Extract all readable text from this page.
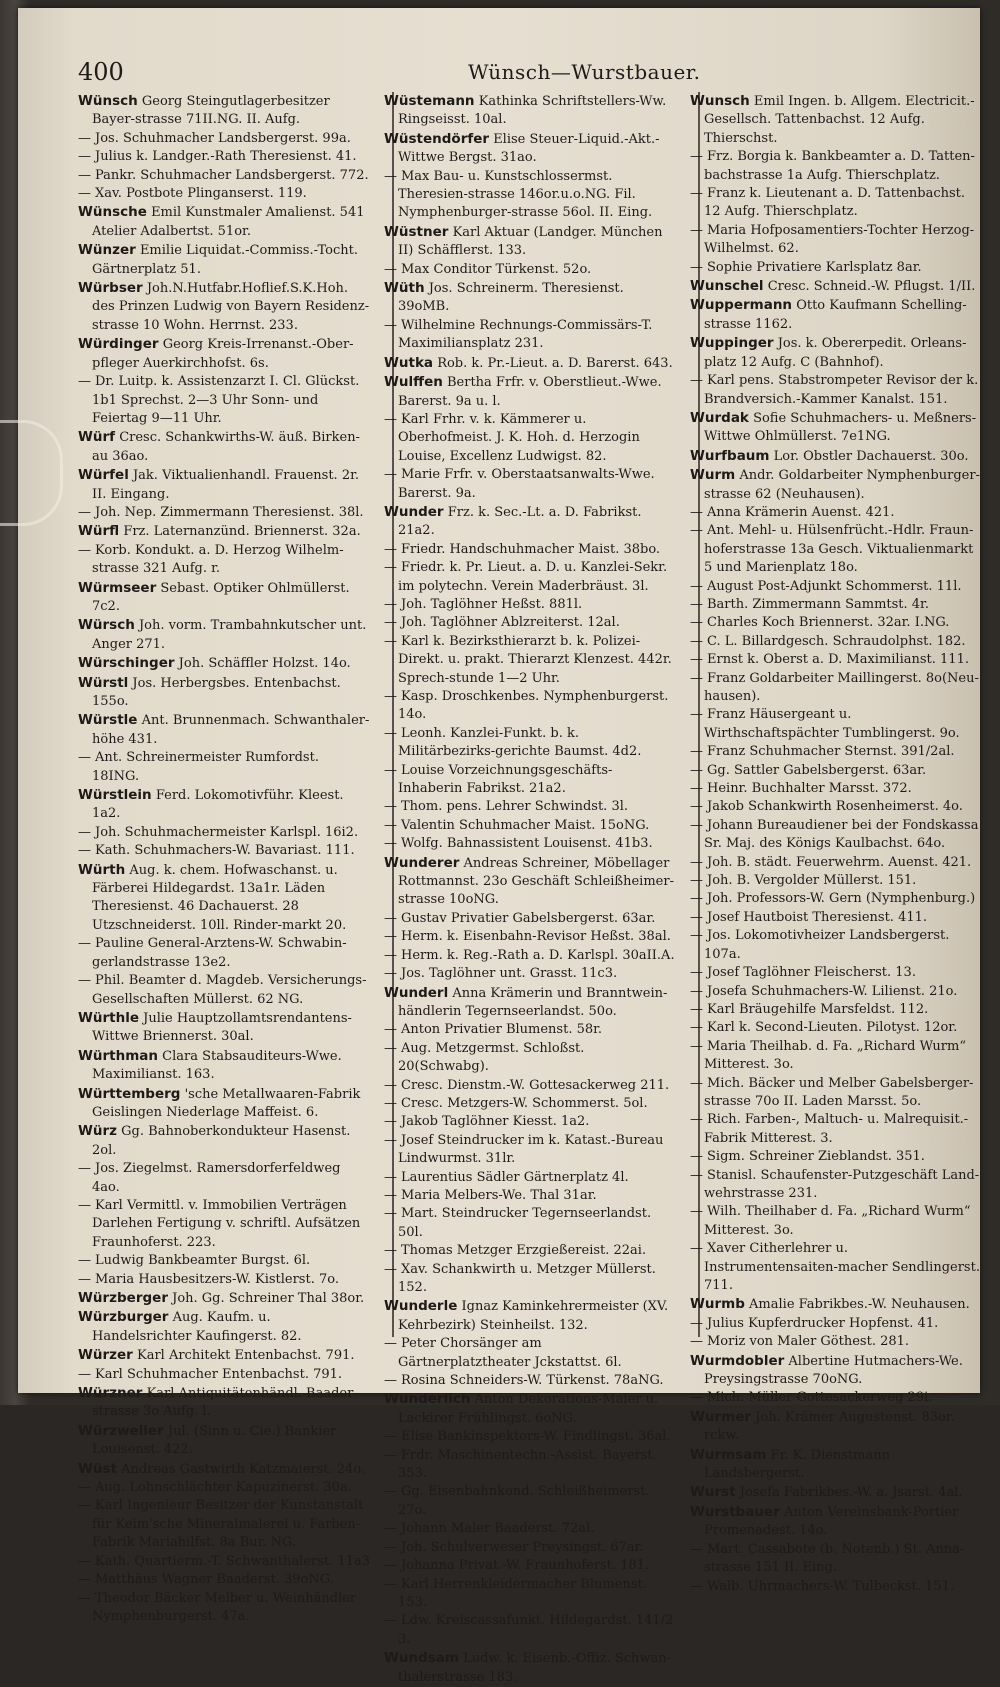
400	Wünsch—Wurstbauer.

Wünsch Georg Steingutlagerbesitzer Bayer-strasse 71II.NG. II. Aufg.

— Jos. Schuhmacher Landsbergerst. 99a.

— Julius k. Landger.-Rath Theresienst. 41.

— Pankr. Schuhmacher Landsbergerst. 772.

— Xav. Postbote Plinganserst. 119.

Wünsche Emil Kunstmaler Amalienst. 541 Atelier Adalbertst. 51or.

Wünzer Emilie Liquidat.-Commiss.-Tocht. Gärtnerplatz 51.

Würbser Joh.N.Hutfabr.Hoflief.S.K.Hoh. des Prinzen Ludwig von Bayern Residenz-strasse 10 Wohn. Herrnst. 233.

Würdinger Georg Kreis-Irrenanst.-Ober-pfleger Auerkirchhofst. 6s.

— Dr. Luitp. k. Assistenzarzt I. Cl. Glückst. 1b1 Sprechst. 2—3 Uhr Sonn- und Feiertag 9—11 Uhr.

Würf Cresc. Schankwirths-W. äuß. Birken-au 36ao.

Würfel Jak. Viktualienhandl. Frauenst. 2r. II. Eingang.

— Joh. Nep. Zimmermann Theresienst. 38l.

Würfl Frz. Laternanzünd. Briennerst. 32a.

— Korb. Kondukt. a. D. Herzog Wilhelm-strasse 321 Aufg. r.

Würmseer Sebast. Optiker Ohlmüllerst. 7c2.

Würsch Joh. vorm. Trambahnkutscher unt. Anger 271.

Würschinger Joh. Schäffler Holzst. 14o.

Würstl Jos. Herbergsbes. Entenbachst. 155o.

Würstle Ant. Brunnenmach. Schwanthaler-höhe 431.

— Ant. Schreinermeister Rumfordst. 18ING.

Würstlein Ferd. Lokomotivführ. Kleest. 1a2.

— Joh. Schuhmachermeister Karlspl. 16i2.

— Kath. Schuhmachers-W. Bavariast. 111.

Würth Aug. k. chem. Hofwaschanst. u. Färberei Hildegardst. 13a1r. Läden Theresienst. 46 Dachauerst. 28 Utzschneiderst. 10ll. Rinder-markt 20.

— Pauline General-Arztens-W. Schwabin-gerlandstrasse 13e2.

— Phil. Beamter d. Magdeb. Versicherungs-Gesellschaften Müllerst. 62 NG.

Würthle Julie Hauptzollamtsrendantens-Wittwe Briennerst. 30al.

Würthman Clara Stabsauditeurs-Wwe. Maximilianst. 163.

Württemberg 'sche Metallwaaren-Fabrik Geislingen Niederlage Maffeist. 6.

Würz Gg. Bahnoberkondukteur Hasenst. 2ol.

— Jos. Ziegelmst. Ramersdorferfeldweg 4ao.

— Karl Vermittl. v. Immobilien Verträgen Darlehen Fertigung v. schriftl. Aufsätzen Fraunhoferst. 223.

— Ludwig Bankbeamter Burgst. 6l.

— Maria Hausbesitzers-W. Kistlerst. 7o.

Würzberger Joh. Gg. Schreiner Thal 38or.

Würzburger Aug. Kaufm. u. Handelsrichter Kaufingerst. 82.

Würzer Karl Architekt Entenbachst. 791.

— Karl Schuhmacher Entenbachst. 791.

Würzner Karl Antiquitätenhändl. Baader-strasse 3o Aufg. l.

Würzweiler Jul. (Sinn u. Cie.) Bankier Louisenst. 422.

Wüst Andreas Gastwirth Katzmaierst. 24o.

— Aug. Lohnschlächter Kapuzinerst. 30a.

— Karl Ingenieur Besitzer der Kunstanstalt für Keim'sche Mineralmalerei u. Farben-Fabrik Mariahilfst. 8a Bur. NG.

— Kath. Quartierm.-T. Schwanthalerst. 11a3

— Matthäus Wagner Baaderst. 39oNG.

— Theodor Bäcker Melber u. Weinhändler Nymphenburgerst. 47a.

Wüstemann Kathinka Schriftstellers-Ww. Ringseisst. 10al.

Wüstendörfer Elise Steuer-Liquid.-Akt.-Wittwe Bergst. 31ao.

— Max Bau- u. Kunstschlossermst. Theresien-strasse 146or.u.o.NG. Fil. Nymphenburger-strasse 56ol. II. Eing.

Wüstner Karl Aktuar (Landger. München II) Schäfflerst. 133.

— Max Conditor Türkenst. 52o.

Wüth Jos. Schreinerm. Theresienst. 39oMB.

— Wilhelmine Rechnungs-Commissärs-T. Maximiliansplatz 231.

Wutka Rob. k. Pr.-Lieut. a. D. Barerst. 643.

Wulffen Bertha Frfr. v. Oberstlieut.-Wwe. Barerst. 9a u. l.

— Karl Frhr. v. k. Kämmerer u. Oberhofmeist. J. K. Hoh. d. Herzogin Louise, Excellenz Ludwigst. 82.

— Marie Frfr. v. Oberstaatsanwalts-Wwe. Barerst. 9a.

Wunder Frz. k. Sec.-Lt. a. D. Fabrikst. 21a2.

— Friedr. Handschuhmacher Maist. 38bo.

— Friedr. k. Pr. Lieut. a. D. u. Kanzlei-Sekr. im polytechn. Verein Maderbräust. 3l.

— Joh. Taglöhner Heßst. 881l.

— Joh. Taglöhner Ablzreiterst. 12al.

— Karl k. Bezirksthierarzt b. k. Polizei-Direkt. u. prakt. Thierarzt Klenzest. 442r. Sprech-stunde 1—2 Uhr.

— Kasp. Droschkenbes. Nymphenburgerst. 14o.

— Leonh. Kanzlei-Funkt. b. k. Militärbezirks-gerichte Baumst. 4d2.

— Louise Vorzeichnungsgeschäfts-Inhaberin Fabrikst. 21a2.

— Thom. pens. Lehrer Schwindst. 3l.

— Valentin Schuhmacher Maist. 15oNG.

— Wolfg. Bahnassistent Louisenst. 41b3.

Wunderer Andreas Schreiner, Möbellager Rottmannst. 23o Geschäft Schleißheimer-strasse 10oNG.

— Gustav Privatier Gabelsbergerst. 63ar.

— Herm. k. Eisenbahn-Revisor Heßst. 38al.

— Herm. k. Reg.-Rath a. D. Karlspl. 30aII.A.

— Jos. Taglöhner unt. Grasst. 11c3.

Wunderl Anna Krämerin und Branntwein-händlerin Tegernseerlandst. 50o.

— Anton Privatier Blumenst. 58r.

— Aug. Metzgermst. Schloßst. 20(Schwabg).

— Cresc. Dienstm.-W. Gottesackerweg 211.

— Cresc. Metzgers-W. Schommerst. 5ol.

— Jakob Taglöhner Kiesst. 1a2.

— Josef Steindrucker im k. Katast.-Bureau Lindwurmst. 31lr.

— Laurentius Sädler Gärtnerplatz 4l.

— Maria Melbers-We. Thal 31ar.

— Mart. Steindrucker Tegernseerlandst. 50l.

— Thomas Metzger Erzgießereist. 22ai.

— Xav. Schankwirth u. Metzger Müllerst. 152.

Wunderle Ignaz Kaminkehrermeister (XV. Kehrbezirk) Steinheilst. 132.

— Peter Chorsänger am Gärtnerplatztheater Jckstattst. 6l.

— Rosina Schneiders-W. Türkenst. 78aNG.

Wunderlich Anton Dekorations-Maler u. Lackirer Frühlingst. 6oNG.

— Elise Bankinspektors-W. Findlingst. 36al.

— Frdr. Maschinentechn.-Assist. Bayerst. 353.

— Gg. Eisenbahnkond. Schleißheimerst. 27o.

— Johann Maler Baaderst. 72al.

— Joh. Schulverweser Preysingst. 67ar.

— Johanna Privat.-W. Fraunhoferst. 181.

— Karl Herrenkleidermacher Blumenst. 153.

— Ldw. Kreiscassafunkt. Hildegardst. 141/2 3.

Wundsam Ludw. k. Eisenb.-Offiz. Schwan-thalerstrasse 183.

Wunsch Emil Ingen. b. Allgem. Electricit.-Gesellsch. Tattenbachst. 12 Aufg. Thierschst.

— Frz. Borgia k. Bankbeamter a. D. Tatten-bachstrasse 1a Aufg. Thierschplatz.

— Franz k. Lieutenant a. D. Tattenbachst. 12 Aufg. Thierschplatz.

— Maria Hofposamentiers-Tochter Herzog-Wilhelmst. 62.

— Sophie Privatiere Karlsplatz 8ar.

Wunschel Cresc. Schneid.-W. Pflugst. 1/II.

Wuppermann Otto Kaufmann Schelling-strasse 1162.

Wuppinger Jos. k. Obererpedit. Orleans-platz 12 Aufg. C (Bahnhof).

— Karl pens. Stabstrompeter Revisor der k. Brandversich.-Kammer Kanalst. 151.

Wurdak Sofie Schuhmachers- u. Meßners-Wittwe Ohlmüllerst. 7e1NG.

Wurfbaum Lor. Obstler Dachauerst. 30o.

Wurm Andr. Goldarbeiter Nymphenburger-strasse 62 (Neuhausen).

— Anna Krämerin Auenst. 421.

— Ant. Mehl- u. Hülsenfrücht.-Hdlr. Fraun-hoferstrasse 13a Gesch. Viktualienmarkt 5 und Marienplatz 18o.

— August Post-Adjunkt Schommerst. 11l.

— Barth. Zimmermann Sammtst. 4r.

— Charles Koch Briennerst. 32ar. I.NG.

— C. L. Billardgesch. Schraudolphst. 182.

— Ernst k. Oberst a. D. Maximilianst. 111.

— Franz Goldarbeiter Maillingerst. 8o(Neu-hausen).

— Franz Häusergeant u. Wirthschaftspächter Tumblingerst. 9o.

— Franz Schuhmacher Sternst. 391/2al.

— Gg. Sattler Gabelsbergerst. 63ar.

— Heinr. Buchhalter Marsst. 372.

— Jakob Schankwirth Rosenheimerst. 4o.

— Johann Bureaudiener bei der Fondskassa Sr. Maj. des Königs Kaulbachst. 64o.

— Joh. B. städt. Feuerwehrm. Auenst. 421.

— Joh. B. Vergolder Müllerst. 151.

— Joh. Professors-W. Gern (Nymphenburg.)

— Josef Hautboist Theresienst. 411.

— Jos. Lokomotivheizer Landsbergerst. 107a.

— Josef Taglöhner Fleischerst. 13.

— Josefa Schuhmachers-W. Lilienst. 21o.

— Karl Bräugehilfe Marsfeldst. 112.

— Karl k. Second-Lieuten. Pilotyst. 12or.

— Maria Theilhab. d. Fa. „Richard Wurm“ Mitterest. 3o.

— Mich. Bäcker und Melber Gabelsberger-strasse 70o II. Laden Marsst. 5o.

— Rich. Farben-, Maltuch- u. Malrequisit.-Fabrik Mitterest. 3.

— Sigm. Schreiner Zieblandst. 351.

— Stanisl. Schaufenster-Putzgeschäft Land-wehrstrasse 231.

— Wilh. Theilhaber d. Fa. „Richard Wurm“ Mitterest. 3o.

— Xaver Citherlehrer u. Instrumentensaiten-macher Sendlingerst. 711.

Wurmb Amalie Fabrikbes.-W. Neuhausen.

— Julius Kupferdrucker Hopfenst. 41.

— Moriz von Maler Göthest. 281.

Wurmdobler Albertine Hutmachers-We. Preysingstrasse 70oNG.

— Mich. Müller Gottesackerweg 29i.

Wurmer Joh. Krämer Augustenst. 83or. rckw.

Wurmsam Fr. K. Dienstmann Landsbergerst.

Wurst Josefa Fabrikbes.-W. a. Jsarst. 4al.

Wurstbauer Anton Vereinsbank-Portier Promenadest. 14o.

— Mart. Cassabote (b. Notenb.) St. Anna-strasse 151 II. Eing.

— Walb. Uhrmachers-W. Tulbeckst. 151.
